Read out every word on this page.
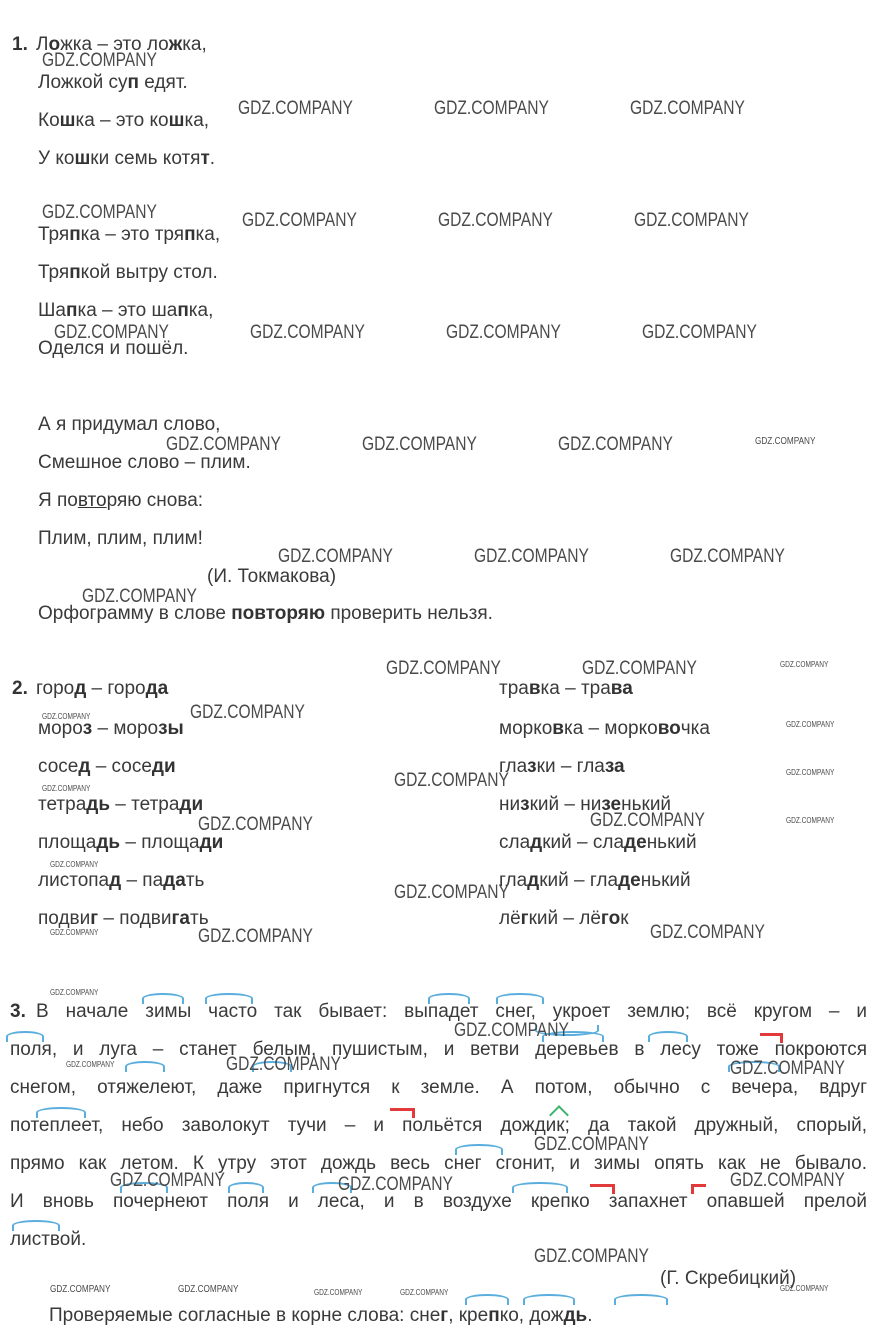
1. Ложка – это ложка,
Ложкой суп едят.
Кошка – это кошка,
У кошки семь котят.
Тряпка – это тряпка,
Тряпкой вытру стол.
Шапка – это шапка,
Оделся и пошёл.
А я придумал слово,
Смешное слово – плим.
Я повторяю снова:
Плим, плим, плим!
(И. Токмакова)
Орфограмму в слове повторяю проверить нельзя.
2. город – города
мороз – морозы
сосед – соседи
тетрадь – тетради
площадь – площади
листопад – падать
подвиг – подвигать
травка – трава
морковка – морковочка
глазки – глаза
низкий – низенький
сладкий – сладенький
гладкий – гладенький
лёгкий – лёгок
3. В начале зимы часто так бывает: выпадет снег, укроет землю; всё кругом – и
поля, и луга – станет белым, пушистым, и ветви деревьев в лесу тоже покроются
снегом, отяжелеют, даже пригнутся к земле. А потом, обычно с вечера, вдруг
потеплеет, небо заволокут тучи – и польётся дождик; да такой дружный, спорый,
прямо как летом. К утру этот дождь весь снег сгонит, и зимы опять как не бывало.
И вновь почернеют поля и леса, и в воздухе крепко запахнет опавшей прелой
листвой.
(Г. Скребицкий)
Проверяемые согласные в корне слова: снег, крепко, дождь.
GDZ.COMPANY
GDZ.COMPANY	GDZ.COMPANY	GDZ.COMPANY
GDZ.COMPANY	GDZ.COMPANY	GDZ.COMPANY	GDZ.COMPANY
GDZ.COMPANY	GDZ.COMPANY	GDZ.COMPANY	GDZ.COMPANY
GDZ.COMPANY	GDZ.COMPANY	GDZ.COMPANY	GDZ.COMPANY
GDZ.COMPANY	GDZ.COMPANY	GDZ.COMPANY
GDZ.COMPANY
GDZ.COMPANY	GDZ.COMPANY	GDZ.COMPANY
GDZ.COMPANY
GDZ.COMPANY
GDZ.COMPANY
GDZ.COMPANY	GDZ.COMPANY
GDZ.COMPANY
GDZ.COMPANY	GDZ.COMPANY	GDZ.COMPANY
GDZ.COMPANY
GDZ.COMPANY
GDZ.COMPANY	GDZ.COMPANY	GDZ.COMPANY
GDZ.COMPANY
GDZ.COMPANY
GDZ.COMPANY	GDZ.COMPANY	GDZ.COMPANY
GDZ.COMPANY
GDZ.COMPANY	GDZ.COMPANY	GDZ.COMPANY
GDZ.COMPANY
GDZ.COMPANY	GDZ.COMPANY	GDZ.COMPANY	GDZ.COMPANY	GDZ.COMPANY
